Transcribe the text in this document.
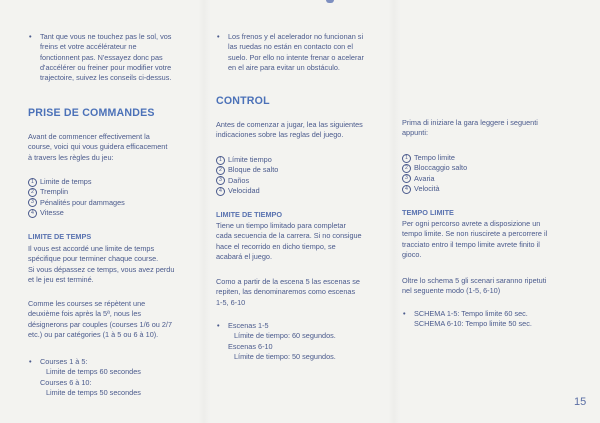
• Tant que vous ne touchez pas le sol, vos
freins et votre accélérateur ne
fonctionnent pas. N'essayez donc pas
d'accélérer ou freiner pour modifier votre
trajectoire, suivez les conseils ci-dessus.

PRISE DE COMMANDES

Avant de commencer effectivement la
course, voici qui vous guidera efficacement
à travers les règles du jeu:

1 Limite de temps
2 Tremplin
3 Pénalités pour dammages
4 Vitesse

LIMITE DE TEMPS

Il vous est accordé une limite de temps
spécifique pour terminer chaque course.
Si vous dépassez ce temps, vous avez perdu
et le jeu est terminé.

Comme les courses se répètent une
deuxième fois après la 5ª, nous les
désignerons par couples (courses 1/6 ou 2/7
etc.) ou par catégories (1 à 5 ou 6 à 10).

• Courses 1 à 5:
Limite de temps 60 secondes
Courses 6 à 10:
Limite de temps 50 secondes
• Los frenos y el acelerador no funcionan si
las ruedas no están en contacto con el
suelo. Por ello no intente frenar o acelerar
en el aire para evitar un obstáculo.

CONTROL

Antes de comenzar a jugar, lea las siguientes
indicaciones sobre las reglas del juego.

1 Límite tiempo
2 Bloque de salto
3 Daños
4 Velocidad

LIMITE DE TIEMPO

Tiene un tiempo limitado para completar
cada secuencia de la carrera. Si no consigue
hace el recorrido en dicho tiempo, se
acabará el juego.

Como a partir de la escena 5 las escenas se
repiten, las denominaremos como escenas
1-5, 6-10

• Escenas 1-5
Límite de tiempo: 60 segundos.
Escenas 6-10
Límite de tiempo: 50 segundos.

Prima di iniziare la gara leggere i seguenti
appunti:

1 Tempo limite
2 Bloccaggio salto
3 Avaria
4 Velocità

TEMPO LIMITE

Per ogni percorso avrete a disposizione un
tempo limite. Se non riuscirete a percorrere il
tracciato entro il tempo limite avrete finito il
gioco.

Oltre lo schema 5 gli scenari saranno ripetuti
nel seguente modo (1-5, 6-10)

• SCHEMA 1-5: Tempo limite 60 sec.
SCHEMA 6-10: Tempo limite 50 sec.
15
